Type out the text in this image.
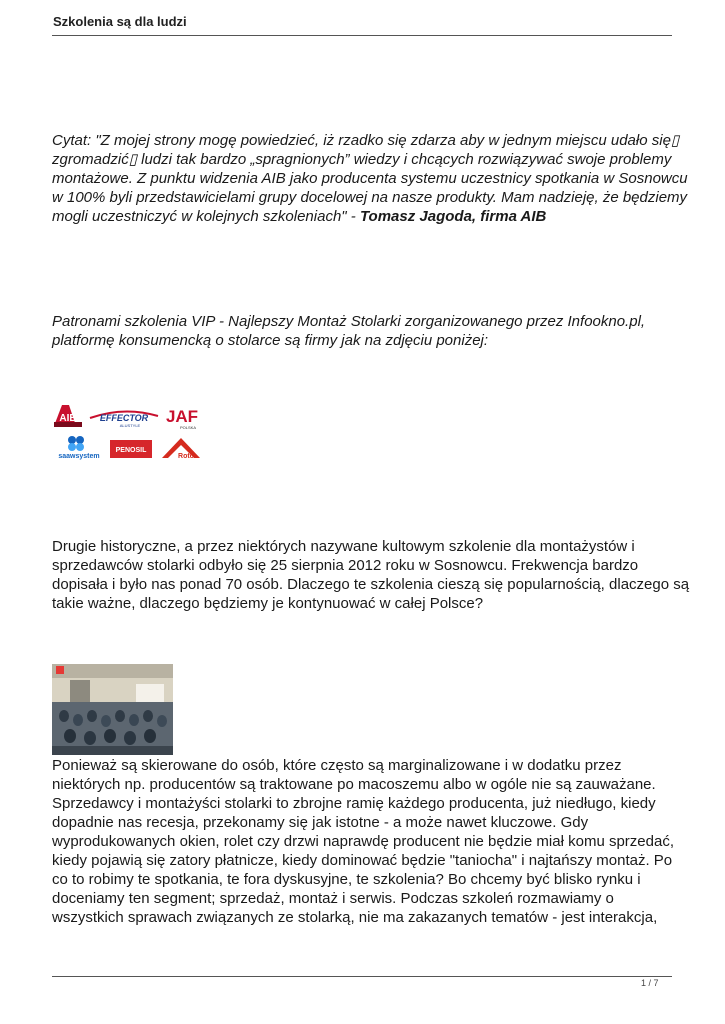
Szkolenia są dla ludzi
Cytat: "Z mojej strony mogę powiedzieć, iż rzadko się zdarza aby w jednym miejscu udało się▯
zgromadzić▯ ludzi tak bardzo „spragnionych” wiedzy i chcących rozwiązywać swoje problemy
montażowe. Z punktu widzenia AIB jako producenta systemu uczestnicy spotkania w Sosnowcu
w 100% byli przedstawicielami grupy docelowej na nasze produkty. Mam nadzieję, że będziemy
mogli uczestniczyć w kolejnych szkoleniach" - Tomasz Jagoda, firma AIB
Patronami szkolenia VIP - Najlepszy Montaż Stolarki zorganizowanego przez Infookno.pl,
platformę konsumencką o stolarce są firmy jak na zdjęciu poniżej:
AIB	EFFECTOR
ALUSTYLE JAF
POLSKA
saawsystem
PENOSIL
Roto
Drugie historyczne, a przez niektórych nazywane kultowym szkolenie dla montażystów i
sprzedawców stolarki odbyło się 25 sierpnia 2012 roku w Sosnowcu. Frekwencja bardzo
dopisała i było nas ponad 70 osób. Dlaczego te szkolenia cieszą się popularnością, dlaczego są
takie ważne, dlaczego będziemy je kontynuować w całej Polsce?
Ponieważ są skierowane do osób, które często są marginalizowane i w dodatku przez
niektórych np. producentów są traktowane po macoszemu albo w ogóle nie są zauważane.
Sprzedawcy i montażyści stolarki to zbrojne ramię każdego producenta, już niedługo, kiedy
dopadnie nas recesja, przekonamy się jak istotne - a może nawet kluczowe. Gdy
wyprodukowanych okien, rolet czy drzwi naprawdę producent nie będzie miał komu sprzedać,
kiedy pojawią się zatory płatnicze, kiedy dominować będzie "taniocha" i najtańszy montaż. Po
co to robimy te spotkania, te fora dyskusyjne, te szkolenia? Bo chcemy być blisko rynku i
doceniamy ten segment; sprzedaż, montaż i serwis. Podczas szkoleń rozmawiamy o
wszystkich sprawach związanych ze stolarką, nie ma zakazanych tematów - jest interakcja,
1 / 7
